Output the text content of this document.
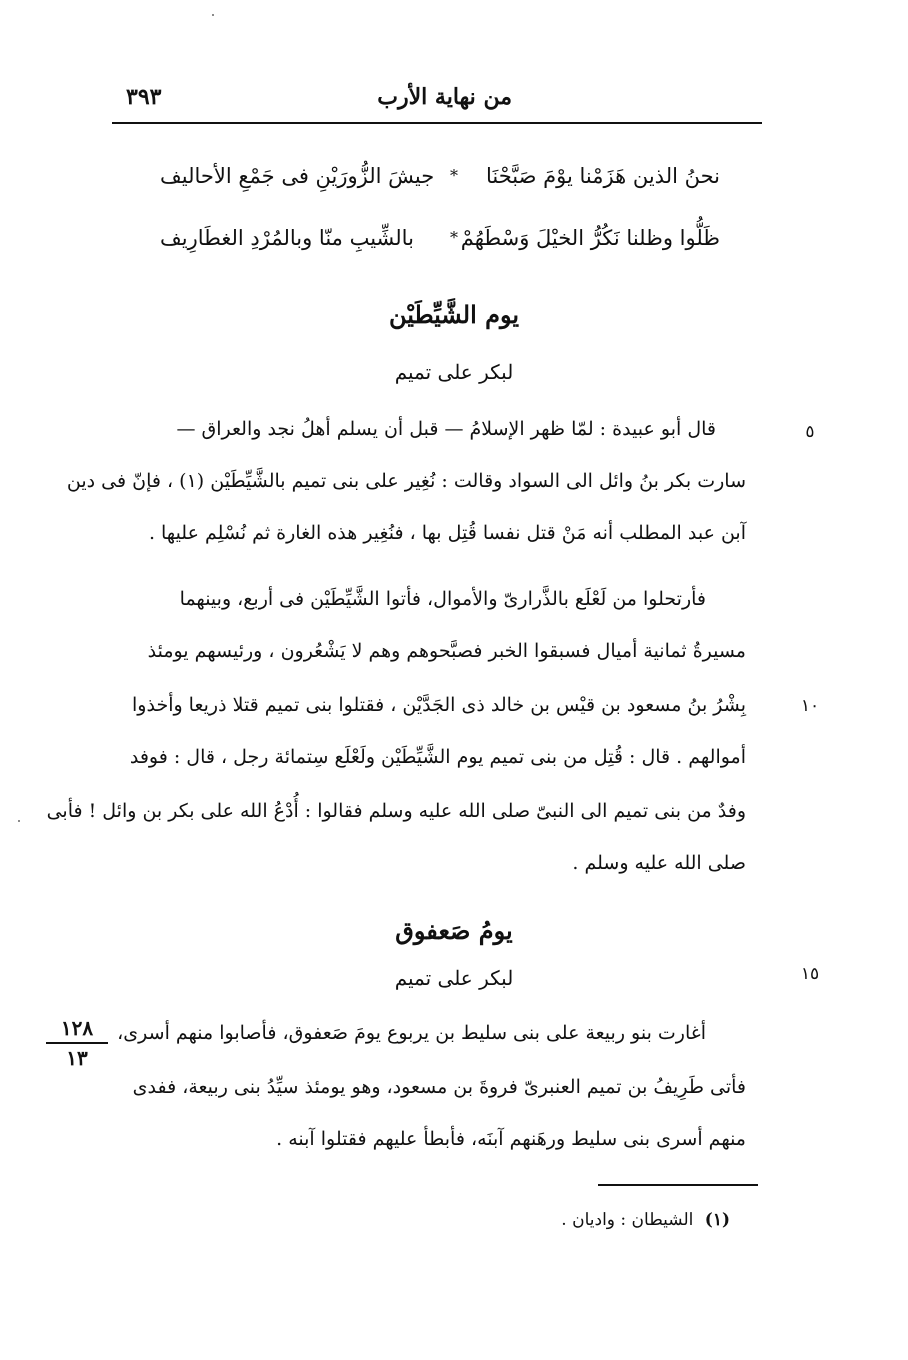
من نهاية الأرب
٣٩٣
نحنُ الذين هَزَمْنا يوْمَ صَبَّحْنَا
*
جيشَ الزُّورَيْنِ فى جَمْعِ الأحاليف
ظَلُّوا وظلنا نَكُرُّ الخيْلَ وَسْطَهُمْ
*
بالشِّيبِ منّا وبالمُرْدِ الغطَارِيف
يوم الشَّيِّطَيْن
لبكر على تميم
قال أبو عبيدة : لمّا ظهر الإسلامُ — قبل أن يسلم أهلُ نجد والعراق —
سارت بكر بنُ وائل الى السواد وقالت : نُغِير على بنى تميم بالشَّيِّطَيْن (١) ، فإنّ فى دين
آبن عبد المطلب أنه مَنْ قتل نفسا قُتِل بها ، فنُغِير هذه الغارة ثم نُسْلِم عليها .
فأرتحلوا من لَعْلَع بالذَّرارىّ والأموال، فأتوا الشَّيِّطَيْن فى أربع، وبينهما
مسيرةُ ثمانية أميال فسبقوا الخبر فصبَّحوهم وهم لا يَشْعُرون ، ورئيسهم يومئذ
بِشْرُ بنُ مسعود بن قيْس بن خالد ذى الجَدَّيْن ، فقتلوا بنى تميم قتلا ذريعا وأخذوا
أموالهم . قال : قُتِل من بنى تميم يوم الشَّيِّطَيْن ولَعْلَع سِتمائة رجل ، قال : فوفد
وفدٌ من بنى تميم الى النبىّ صلى الله عليه وسلم فقالوا : أُدْعُ الله على بكر بن وائل ! فأبى
صلى الله عليه وسلم .
يومُ صَعفوق
لبكر على تميم
أغارت بنو ربيعة على بنى سليط بن يربوع يومَ صَعفوق، فأصابوا منهم أسرى،
فأتى طَرِيفُ بن تميم العنبرىّ فروةَ بن مسعود، وهو يومئذ سيِّدُ بنى ربيعة، ففدى
منهم أسرى بنى سليط ورهَنهم آبنَه، فأبطأ عليهم فقتلوا آبنه .
٥
١٠
١٥
١٢٨
١٣
(١) الشيطان : واديان .
